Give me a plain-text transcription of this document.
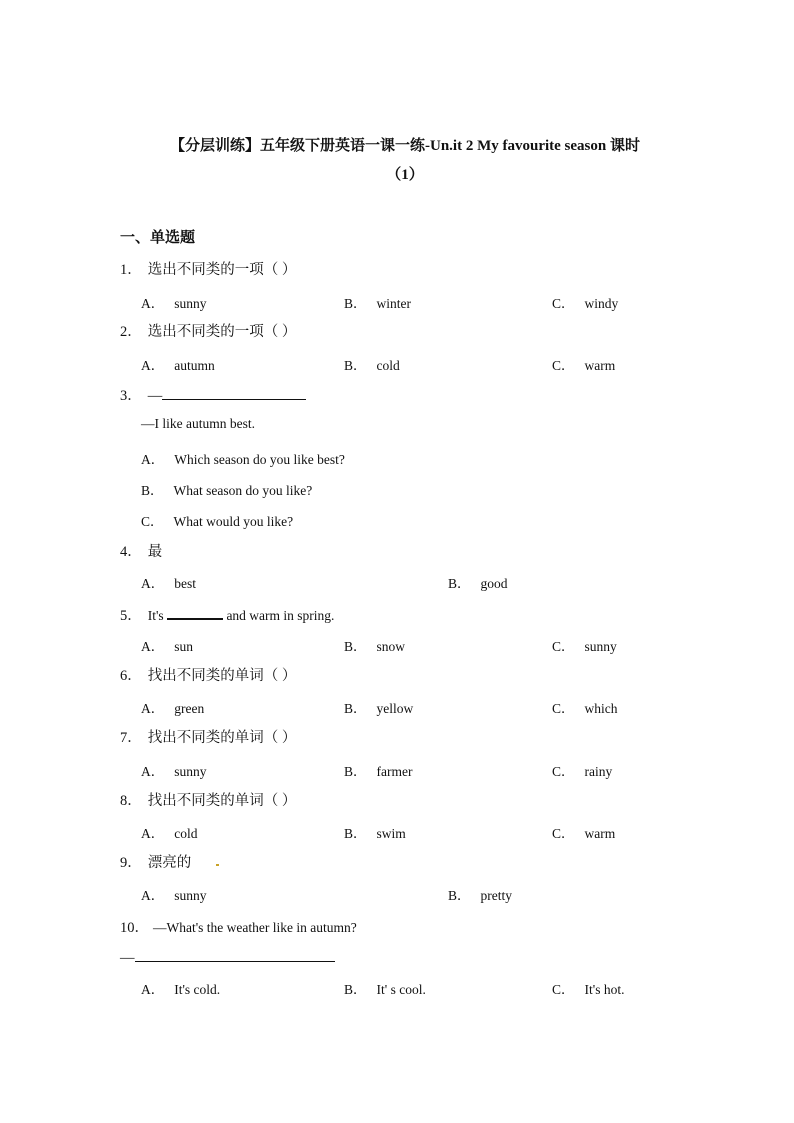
【分层训练】五年级下册英语一课一练-Un.it 2 My favourite season 课时
（1）
一、单选题
1． 选出不同类的一项（ ）
A． sunny	B． winter	C． windy
2． 选出不同类的一项（ ）
A． autumn	B． cold	C． warm
3． —
—I like autumn best.
A． Which season do you like best?
B． What season do you like?
C． What would you like?
4． 最
A． best	B． good
5． It's	and warm in spring.
A． sun	B． snow	C． sunny
6． 找出不同类的单词（ ）
A． green	B． yellow	C． which
7． 找出不同类的单词（ ）
A． sunny	B． farmer	C． rainy
8． 找出不同类的单词（ ）
A． cold	B． swim	C． warm
9． 漂亮的
A． sunny	B． pretty
10． —What's the weather like in autumn?
—
A． It's cold.	B． It' s cool.	C． It's hot.
